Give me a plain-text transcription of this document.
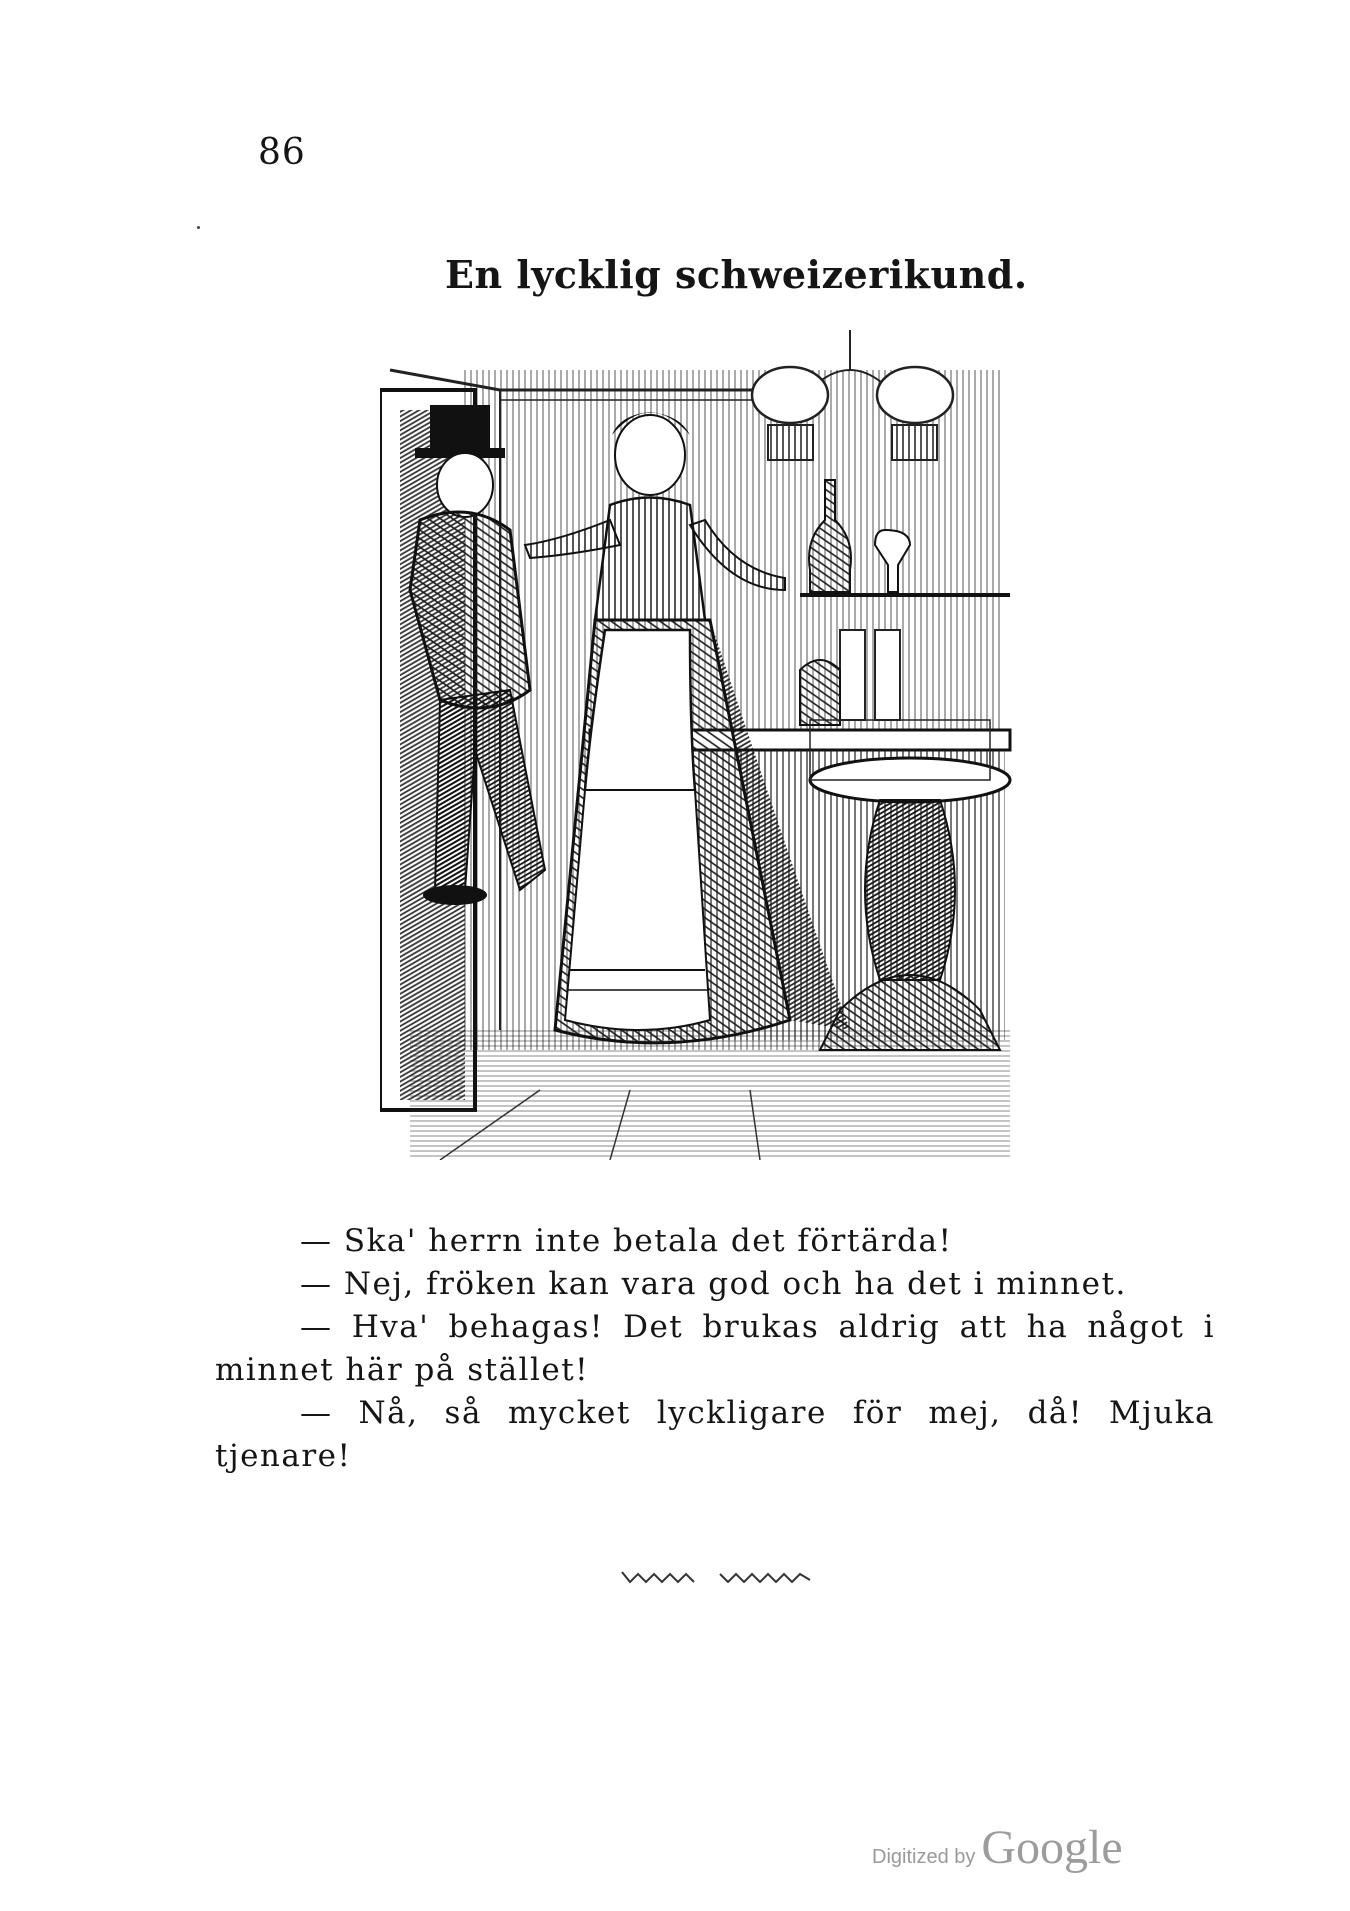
86
En lycklig schweizerikund.

— Ska' herrn inte betala det förtärda!

— Nej, fröken kan vara god och ha det i minnet.

— Hva' behagas! Det brukas aldrig att ha något i

minnet här på stället!

— Nå, så mycket lyckligare för mej, då! Mjuka

tjenare!

Digitized by Google
